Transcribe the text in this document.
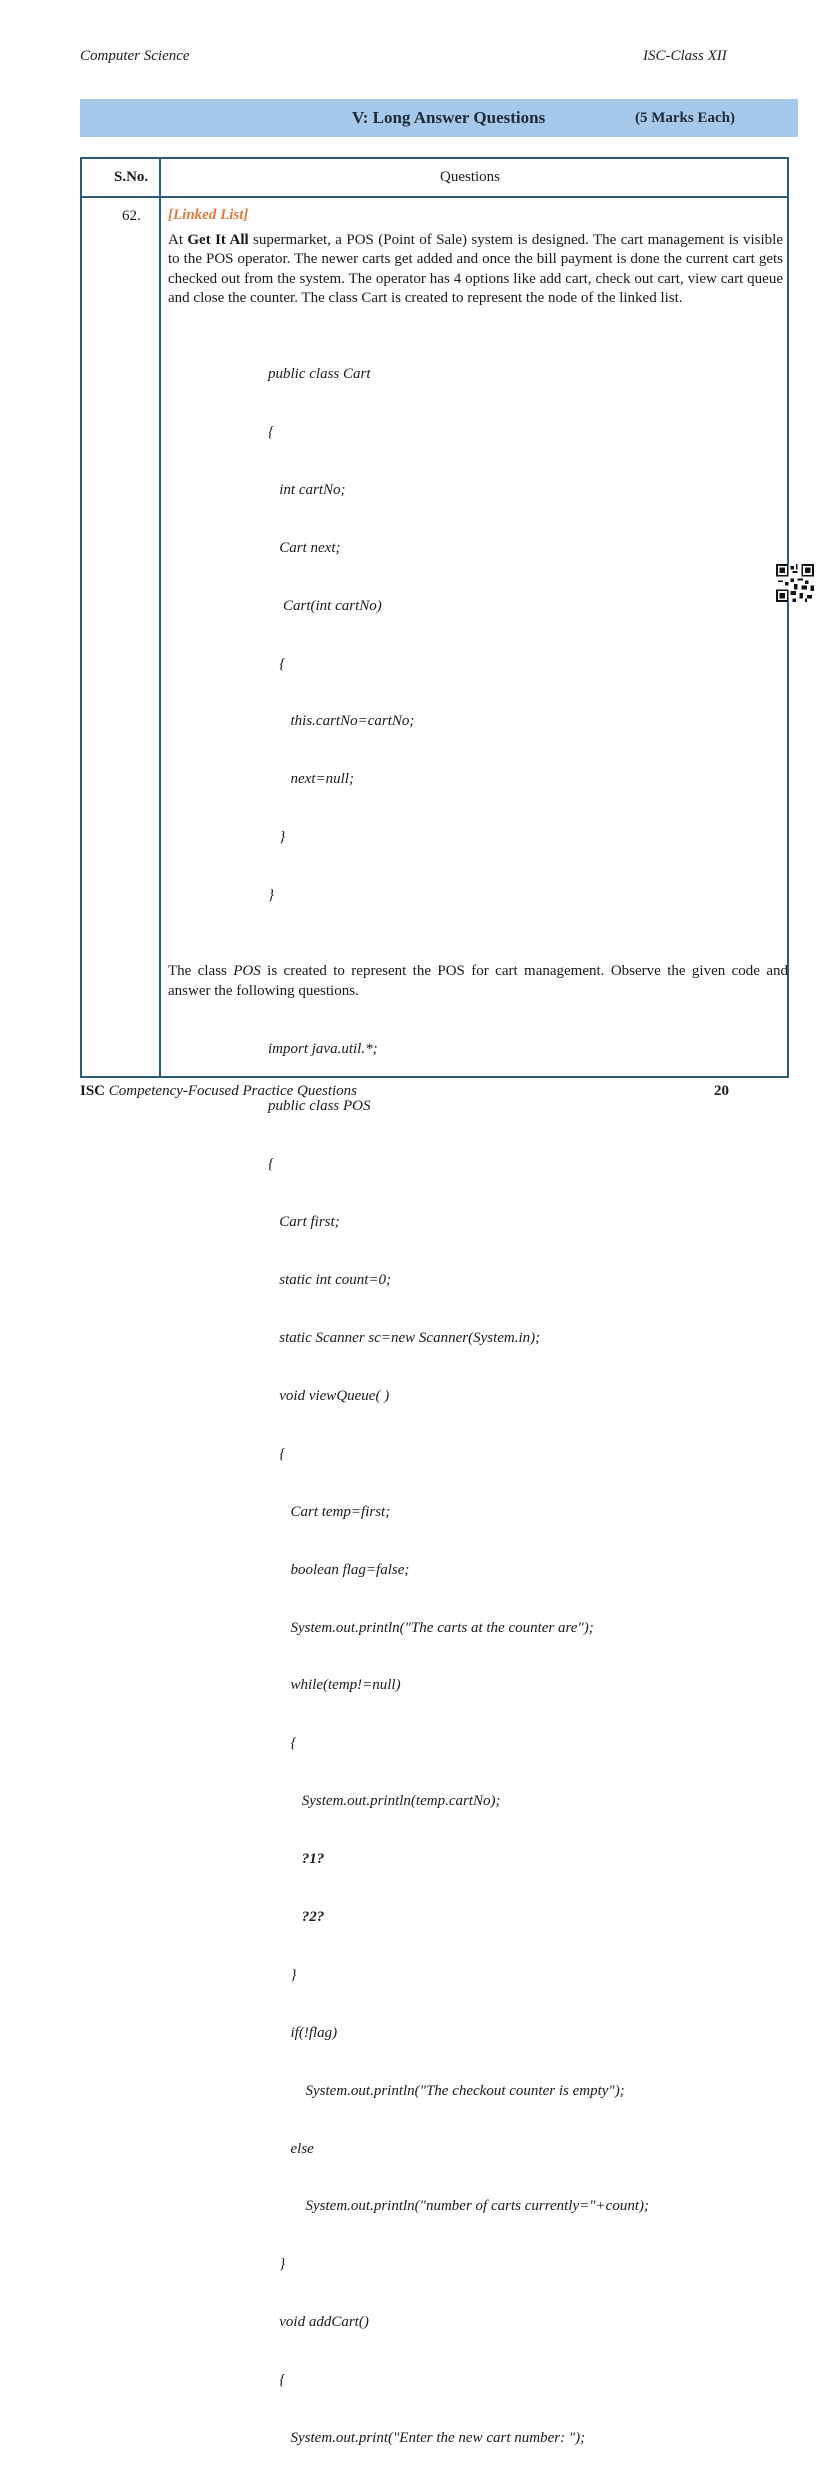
Computer Science	ISC-Class XII
V: Long Answer Questions	(5 Marks Each)
S.No.	Questions
62. [Linked List]

At Get It All supermarket, a POS (Point of Sale) system is designed. The cart management is visible to the POS operator. The newer carts get added and once the bill payment is done the current cart gets checked out from the system. The operator has 4 options like add cart, check out cart, view cart queue and close the counter. The class Cart is created to represent the node of the linked list.

public class Cart

{

int cartNo;

Cart next;

Cart(int cartNo)

{

this.cartNo=cartNo;

next=null;

}

}

The class POS is created to represent the POS for cart management. Observe the given code and answer the following questions.

import java.util.*;

public class POS

{

Cart first;

static int count=0;

static Scanner sc=new Scanner(System.in);

void viewQueue( )

{

Cart temp=first;

boolean flag=false;

System.out.println("The carts at the counter are");

while(temp!=null)

{

System.out.println(temp.cartNo);

?1?

?2?

}

if(!flag)

System.out.println("The checkout counter is empty");

else

System.out.println("number of carts currently="+count);

}

void addCart()

{

System.out.print("Enter the new cart number: ");

ISC Competency-Focused Practice Questions	20
